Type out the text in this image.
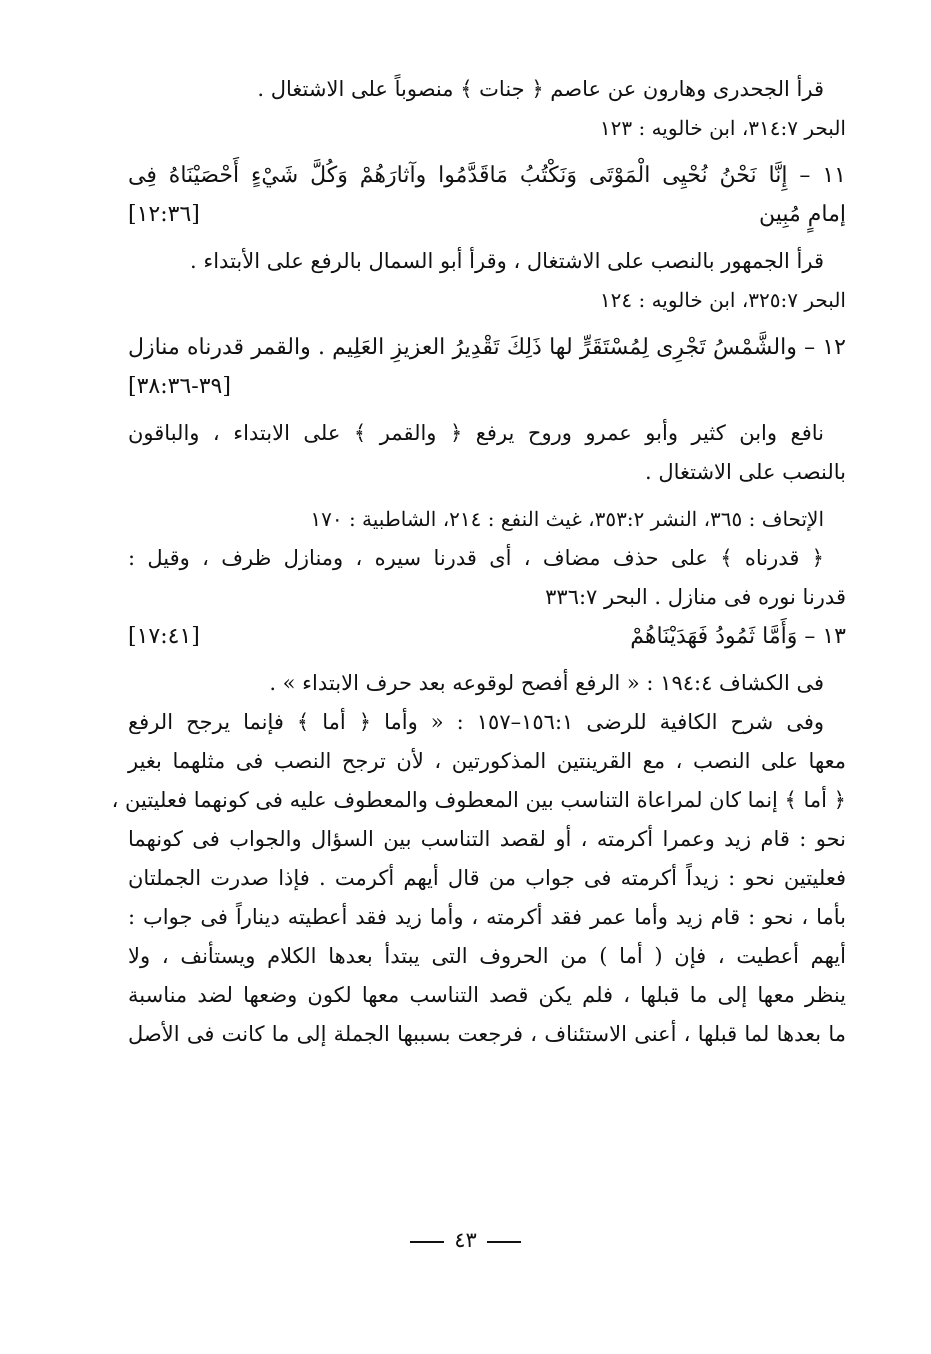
قرأ الجحدرى وهارون عن عاصم ﴿ جنات ﴾ منصوباً على الاشتغال .
البحر ٣١٤:٧، ابن خالويه : ١٢٣
١١ – إِنَّا نَحْنُ نُحْيِى الْمَوْتَى وَنَكْتُبُ مَاقَدَّمُوا وآثارَهُمْ وَكُلَّ شَيْءٍ أَحْصَيْنَاهُ فِى
إمامٍ مُبِين
[١٢:٣٦]
قرأ الجمهور بالنصب على الاشتغال ، وقرأ أبو السمال بالرفع على الأبتداء .
البحر ٣٢٥:٧، ابن خالويه : ١٢٤
١٢ – والشَّمْسُ تَجْرِى لِمُسْتَقَرٍّ لها ذَلِكَ تَقْدِيرُ العزيزِ العَلِيم . والقمر قدرناه منازل
[٣٩-٣٨:٣٦]
نافع وابن كثير وأبو عمرو وروح يرفع ﴿ والقمر ﴾ على الابتداء ، والباقون
بالنصب على الاشتغال .
الإتحاف : ٣٦٥، النشر ٣٥٣:٢، غيث النفع : ٢١٤، الشاطبية : ١٧٠
﴿ قدرناه ﴾ على حذف مضاف ، أى قدرنا سيره ، ومنازل ظرف ، وقيل :
قدرنا نوره فى منازل . البحر ٣٣٦:٧
١٣ – وَأَمَّا ثَمُودُ فَهَدَيْنَاهُمْ
[١٧:٤١]
فى الكشاف ١٩٤:٤ : « الرفع أفصح لوقوعه بعد حرف الابتداء » .
وفى شرح الكافية للرضى ١٥٦:١–١٥٧ : « وأما ﴿ أما ﴾ فإنما يرجح الرفع
معها على النصب ، مع القرينتين المذكورتين ، لأن ترجح النصب فى مثلهما بغير
﴿ أما ﴾ إنما كان لمراعاة التناسب بين المعطوف والمعطوف عليه فى كونهما فعليتين ،
نحو : قام زيد وعمرا أكرمته ، أو لقصد التناسب بين السؤال والجواب فى كونهما
فعليتين نحو : زيداً أكرمته فى جواب من قال أيهم أكرمت . فإذا صدرت الجملتان
بأما ، نحو : قام زيد وأما عمر فقد أكرمته ، وأما زيد فقد أعطيته ديناراً فى جواب :
أيهم أعطيت ، فإن ( أما ) من الحروف التى يبتدأ بعدها الكلام ويستأنف ، ولا
ينظر معها إلى ما قبلها ، فلم يكن قصد التناسب معها لكون وضعها لضد مناسبة
ما بعدها لما قبلها ، أعنى الاستئناف ، فرجعت بسببها الجملة إلى ما كانت فى الأصل
٤٣
